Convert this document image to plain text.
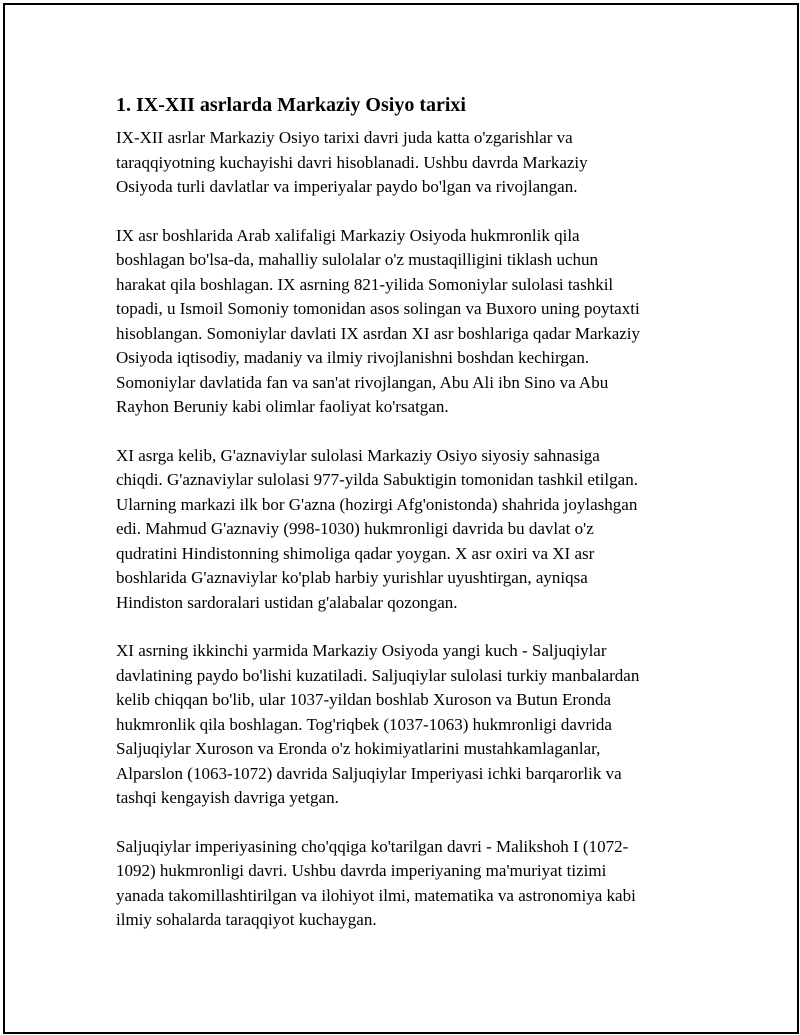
1. IX-XII asrlarda Markaziy Osiyo tarixi

IX-XII asrlar Markaziy Osiyo tarixi davri juda katta o'zgarishlar va
taraqqiyotning kuchayishi davri hisoblanadi. Ushbu davrda Markaziy
Osiyoda turli davlatlar va imperiyalar paydo bo'lgan va rivojlangan.

IX asr boshlarida Arab xalifaligi Markaziy Osiyoda hukmronlik qila
boshlagan bo'lsa-da, mahalliy sulolalar o'z mustaqilligini tiklash uchun
harakat qila boshlagan. IX asrning 821-yilida Somoniylar sulolasi tashkil
topadi, u Ismoil Somoniy tomonidan asos solingan va Buxoro uning poytaxti
hisoblangan. Somoniylar davlati IX asrdan XI asr boshlariga qadar Markaziy
Osiyoda iqtisodiy, madaniy va ilmiy rivojlanishni boshdan kechirgan.
Somoniylar davlatida fan va san'at rivojlangan, Abu Ali ibn Sino va Abu
Rayhon Beruniy kabi olimlar faoliyat ko'rsatgan.

XI asrga kelib, G'aznaviylar sulolasi Markaziy Osiyo siyosiy sahnasiga
chiqdi. G'aznaviylar sulolasi 977-yilda Sabuktigin tomonidan tashkil etilgan.
Ularning markazi ilk bor G'azna (hozirgi Afg'onistonda) shahrida joylashgan
edi. Mahmud G'aznaviy (998-1030) hukmronligi davrida bu davlat o'z
qudratini Hindistonning shimoliga qadar yoygan. X asr oxiri va XI asr
boshlarida G'aznaviylar ko'plab harbiy yurishlar uyushtirgan, ayniqsa
Hindiston sardoralari ustidan g'alabalar qozongan.

XI asrning ikkinchi yarmida Markaziy Osiyoda yangi kuch - Saljuqiylar
davlatining paydo bo'lishi kuzatiladi. Saljuqiylar sulolasi turkiy manbalardan
kelib chiqqan bo'lib, ular 1037-yildan boshlab Xuroson va Butun Eronda
hukmronlik qila boshlagan. Tog'riqbek (1037-1063) hukmronligi davrida
Saljuqiylar Xuroson va Eronda o'z hokimiyatlarini mustahkamlaganlar,
Alparslon (1063-1072) davrida Saljuqiylar Imperiyasi ichki barqarorlik va
tashqi kengayish davriga yetgan.

Saljuqiylar imperiyasining cho'qqiga ko'tarilgan davri - Malikshoh I (1072-
1092) hukmronligi davri. Ushbu davrda imperiyaning ma'muriyat tizimi
yanada takomillashtirilgan va ilohiyot ilmi, matematika va astronomiya kabi
ilmiy sohalarda taraqqiyot kuchaygan.
